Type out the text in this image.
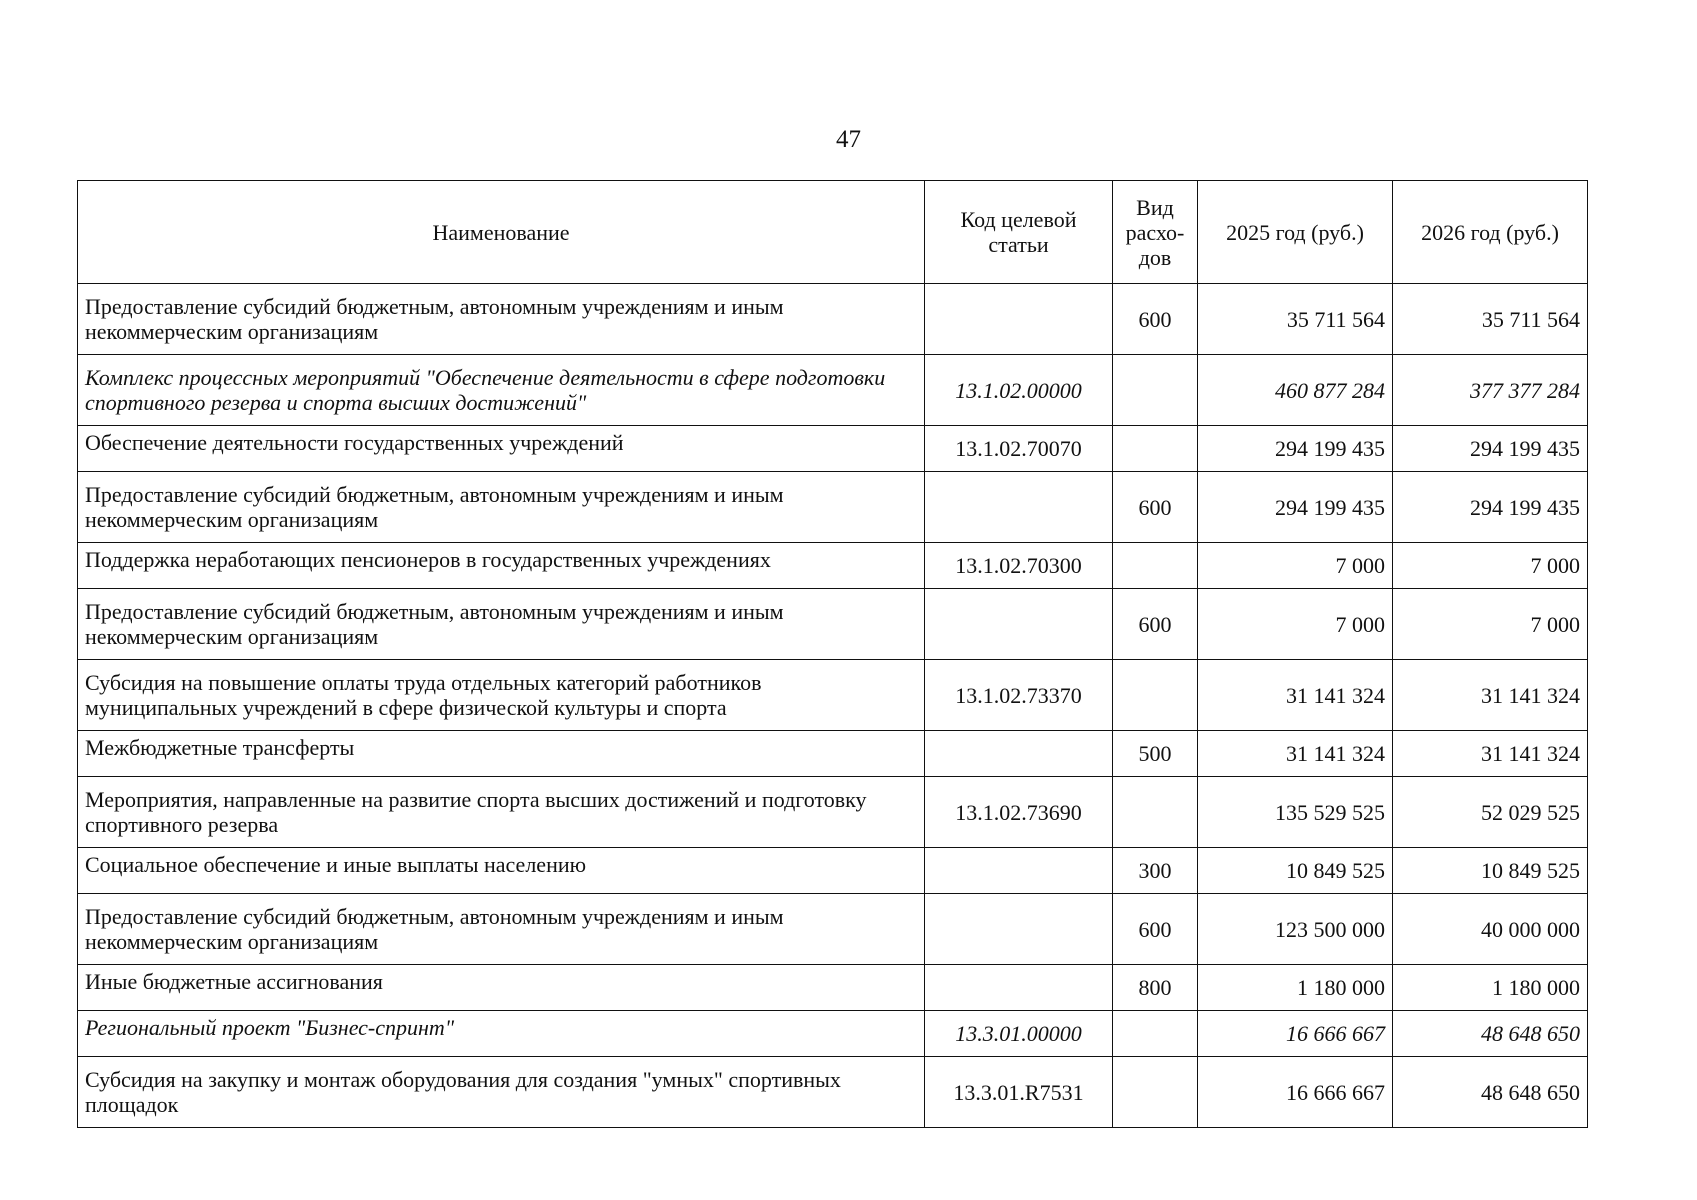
47
Наименование	Код целевой статьи	Вид расхо-дов	2025 год (руб.)	2026 год (руб.)
Предоставление субсидий бюджетным, автономным учреждениям и иным некоммерческим организациям		600	35 711 564	35 711 564
Комплекс процессных мероприятий "Обеспечение деятельности в сфере подготовки спортивного резерва и спорта высших достижений"	13.1.02.00000		460 877 284	377 377 284
Обеспечение деятельности государственных учреждений	13.1.02.70070		294 199 435	294 199 435
Предоставление субсидий бюджетным, автономным учреждениям и иным некоммерческим организациям		600	294 199 435	294 199 435
Поддержка неработающих пенсионеров в государственных учреждениях	13.1.02.70300		7 000	7 000
Предоставление субсидий бюджетным, автономным учреждениям и иным некоммерческим организациям		600	7 000	7 000
Субсидия на повышение оплаты труда отдельных категорий работников муниципальных учреждений в сфере физической культуры и спорта	13.1.02.73370		31 141 324	31 141 324
Межбюджетные трансферты		500	31 141 324	31 141 324
Мероприятия, направленные на развитие спорта высших достижений и подготовку спортивного резерва	13.1.02.73690		135 529 525	52 029 525
Социальное обеспечение и иные выплаты населению		300	10 849 525	10 849 525
Предоставление субсидий бюджетным, автономным учреждениям и иным некоммерческим организациям		600	123 500 000	40 000 000
Иные бюджетные ассигнования		800	1 180 000	1 180 000
Региональный проект "Бизнес-спринт"	13.3.01.00000		16 666 667	48 648 650
Субсидия на закупку и монтаж оборудования для создания "умных" спортивных площадок	13.3.01.R7531		16 666 667	48 648 650
